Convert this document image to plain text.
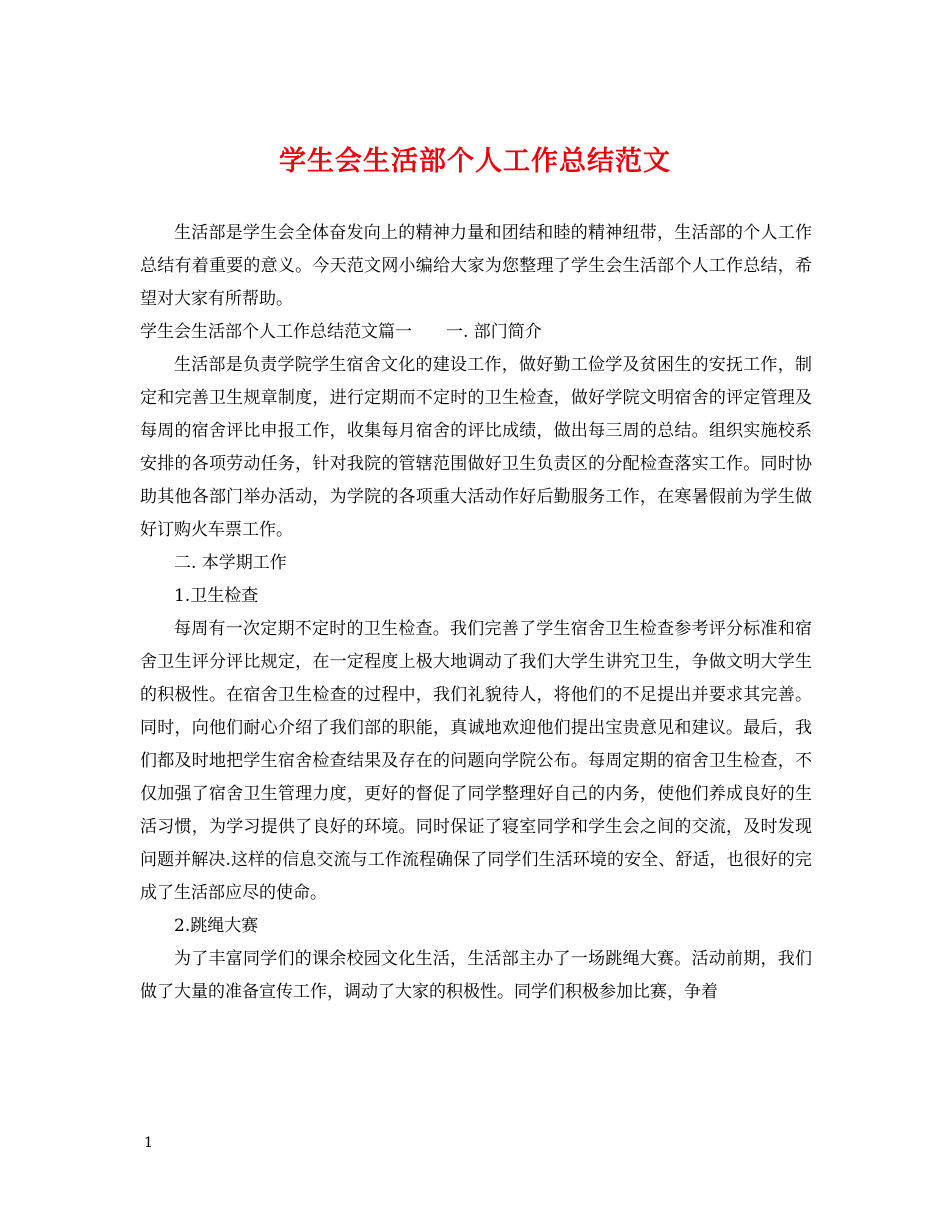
学生会生活部个人工作总结范文

生活部是学生会全体奋发向上的精神力量和团结和睦的精神纽带，生活部的个人工作总结有着重要的意义。今天范文网小编给大家为您整理了学生会生活部个人工作总结，希望对大家有所帮助。

学生会生活部个人工作总结范文篇一　　一. 部门简介

生活部是负责学院学生宿舍文化的建设工作，做好勤工俭学及贫困生的安抚工作，制定和完善卫生规章制度，进行定期而不定时的卫生检查，做好学院文明宿舍的评定管理及每周的宿舍评比申报工作，收集每月宿舍的评比成绩，做出每三周的总结。组织实施校系安排的各项劳动任务，针对我院的管辖范围做好卫生负责区的分配检查落实工作。同时协助其他各部门举办活动，为学院的各项重大活动作好后勤服务工作，在寒暑假前为学生做好订购火车票工作。

二. 本学期工作

1.卫生检查

每周有一次定期不定时的卫生检查。我们完善了学生宿舍卫生检查参考评分标准和宿舍卫生评分评比规定，在一定程度上极大地调动了我们大学生讲究卫生，争做文明大学生的积极性。在宿舍卫生检查的过程中，我们礼貌待人，将他们的不足提出并要求其完善。同时，向他们耐心介绍了我们部的职能，真诚地欢迎他们提出宝贵意见和建议。最后，我们都及时地把学生宿舍检查结果及存在的问题向学院公布。每周定期的宿舍卫生检查，不仅加强了宿舍卫生管理力度，更好的督促了同学整理好自己的内务，使他们养成良好的生活习惯，为学习提供了良好的环境。同时保证了寝室同学和学生会之间的交流，及时发现问题并解决.这样的信息交流与工作流程确保了同学们生活环境的安全、舒适，也很好的完成了生活部应尽的使命。

2.跳绳大赛

为了丰富同学们的课余校园文化生活，生活部主办了一场跳绳大赛。活动前期，我们做了大量的准备宣传工作，调动了大家的积极性。同学们积极参加比赛，争着

1
